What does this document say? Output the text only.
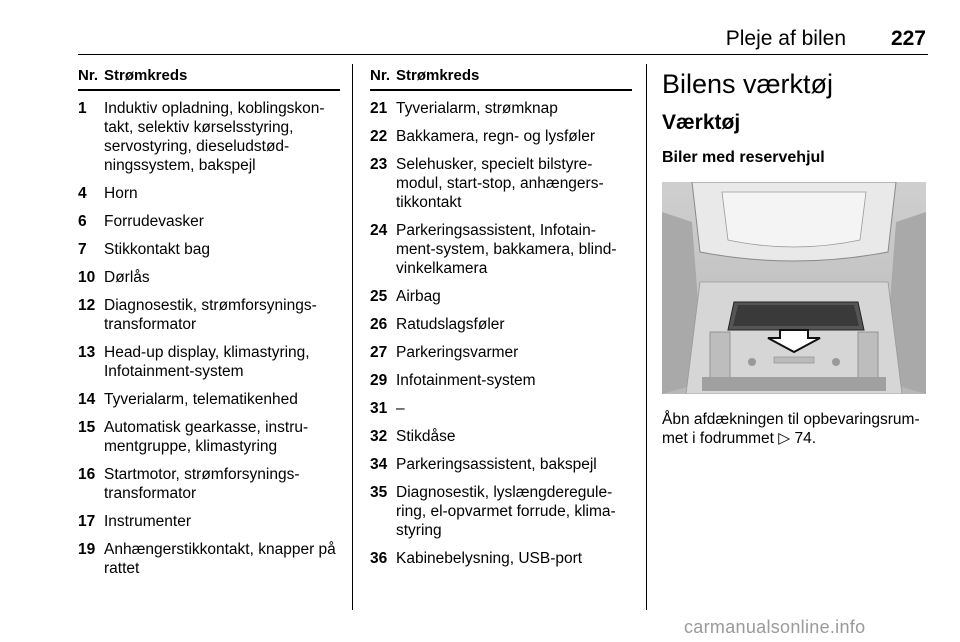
Pleje af bilen 227
Nr. Strømkreds
1	Induktiv opladning, koblingskon-takt, selektiv kørselsstyring, servostyring, dieseludstød-ningssystem, bakspejl
4	Horn
6	Forrudevasker
7	Stikkontakt bag
10 Dørlås
12 Diagnosestik, strømforsynings-transformator
13 Head-up display, klimastyring, Infotainment-system
14 Tyverialarm, telematikenhed
15 Automatisk gearkasse, instru-mentgruppe, klimastyring
16 Startmotor, strømforsynings-transformator
17 Instrumenter
19 Anhængerstikkontakt, knapper på rattet
Nr. Strømkreds
21 Tyverialarm, strømknap
22 Bakkamera, regn- og lysføler
23 Selehusker, specielt bilstyre-modul, start-stop, anhængers-tikkontakt
24 Parkeringsassistent, Infotain-ment-system, bakkamera, blind-vinkelkamera
25 Airbag
26 Ratudslagsføler
27 Parkeringsvarmer
29 Infotainment-system
31 –
32 Stikdåse
34 Parkeringsassistent, bakspejl
35 Diagnosestik, lyslængderegule-ring, el-opvarmet forrude, klima-styring
36 Kabinebelysning, USB-port
Bilens værktøj
Værktøj
Biler med reservehjul
Åbn afdækningen til opbevaringsrum-met i fodrummet ▷ 74.
carmanualsonline.info
